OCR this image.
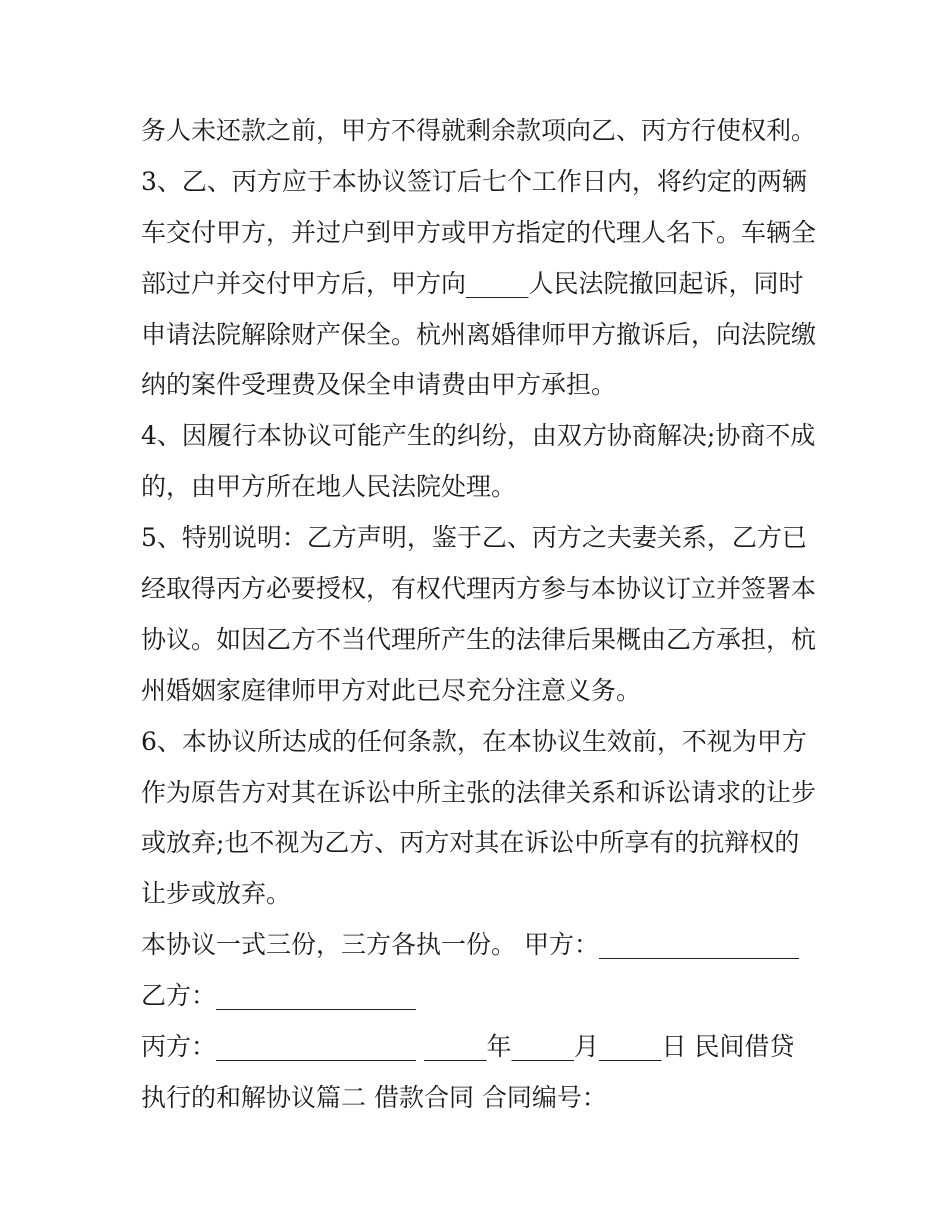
务人未还款之前，甲方不得就剩余款项向乙、丙方行使权利。
3、乙、丙方应于本协议签订后七个工作日内，将约定的两辆
车交付甲方，并过户到甲方或甲方指定的代理人名下。车辆全
部过户并交付甲方后，甲方向_____人民法院撤回起诉，同时
申请法院解除财产保全。杭州离婚律师甲方撤诉后，向法院缴
纳的案件受理费及保全申请费由甲方承担。
4、因履行本协议可能产生的纠纷，由双方协商解决;协商不成
的，由甲方所在地人民法院处理。
5、特别说明：乙方声明，鉴于乙、丙方之夫妻关系，乙方已
经取得丙方必要授权，有权代理丙方参与本协议订立并签署本
协议。如因乙方不当代理所产生的法律后果概由乙方承担，杭
州婚姻家庭律师甲方对此已尽充分注意义务。
6、本协议所达成的任何条款，在本协议生效前，不视为甲方
作为原告方对其在诉讼中所主张的法律关系和诉讼请求的让步
或放弃;也不视为乙方、丙方对其在诉讼中所享有的抗辩权的
让步或放弃。
本协议一式三份，三方各执一份。 甲方：________________
乙方：________________
丙方：________________ _____年_____月_____日 民间借贷
执行的和解协议篇二 借款合同 合同编号：
